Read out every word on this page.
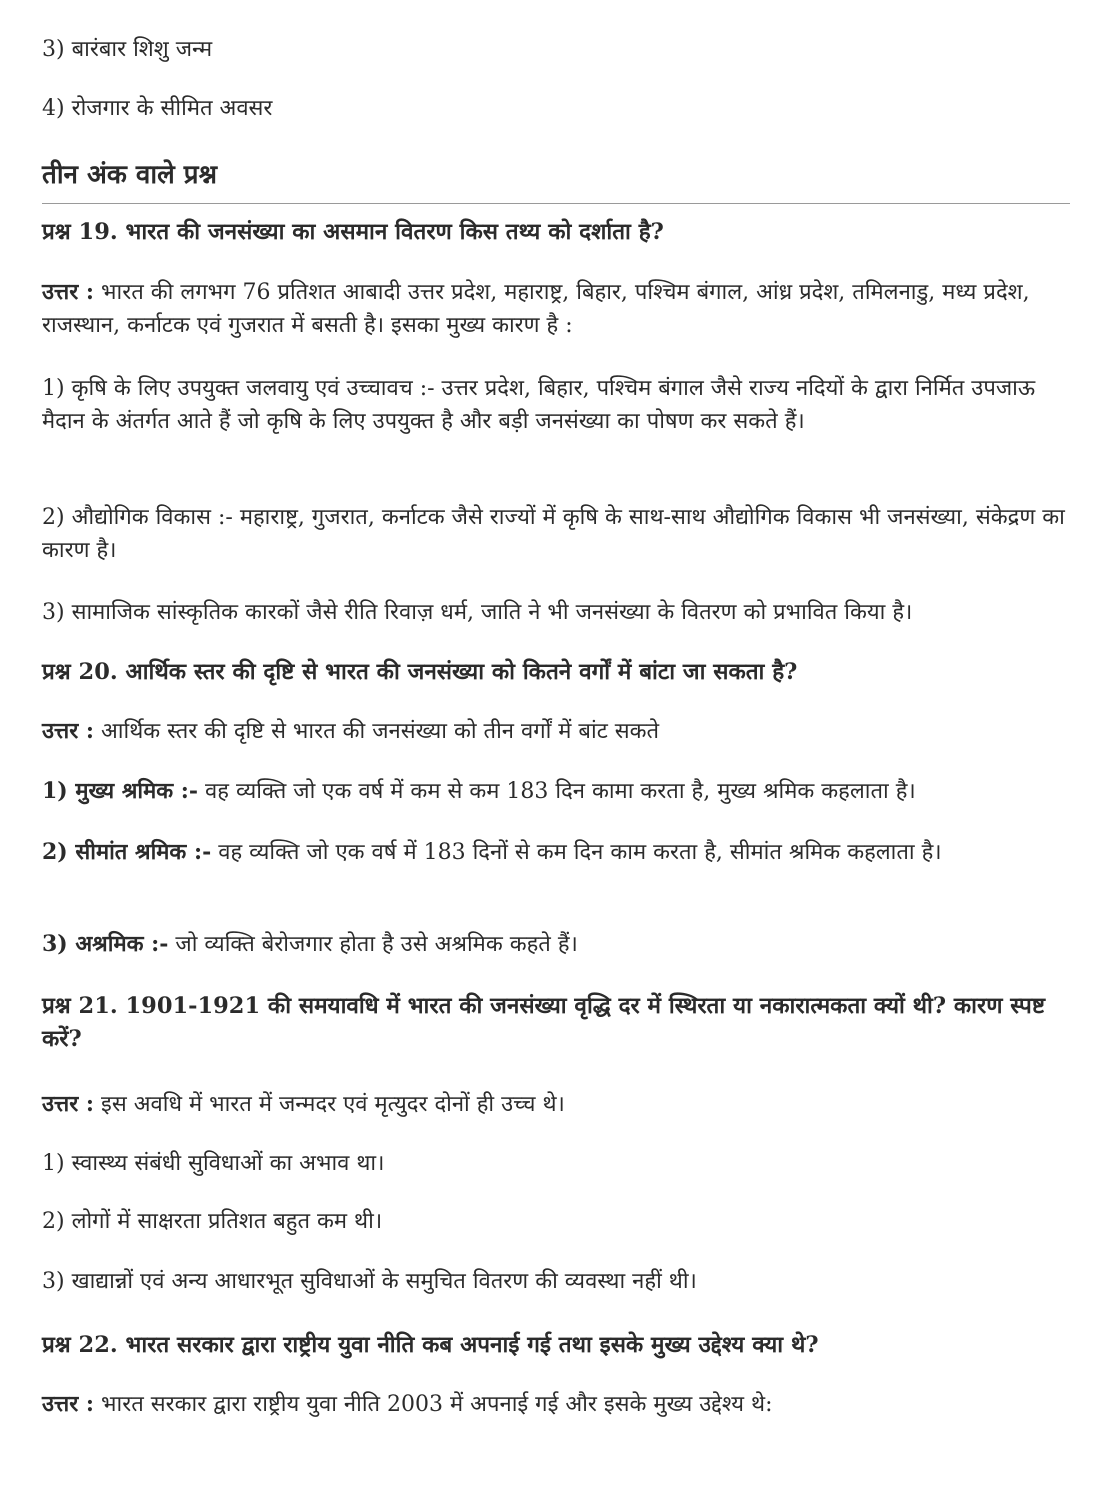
3) बारंबार शिशु जन्म

4) रोजगार के सीमित अवसर

तीन अंक वाले प्रश्न

प्रश्न 19. भारत की जनसंख्या का असमान वितरण किस तथ्य को दर्शाता है?

उत्तर : भारत की लगभग 76 प्रतिशत आबादी उत्तर प्रदेश, महाराष्ट्र, बिहार, पश्चिम बंगाल, आंध्र प्रदेश, तमिलनाडु, मध्य प्रदेश, राजस्थान, कर्नाटक एवं गुजरात में बसती है। इसका मुख्य कारण है :

1) कृषि के लिए उपयुक्त जलवायु एवं उच्चावच :- उत्तर प्रदेश, बिहार, पश्चिम बंगाल जैसे राज्य नदियों के द्वारा निर्मित उपजाऊ मैदान के अंतर्गत आते हैं जो कृषि के लिए उपयुक्त है और बड़ी जनसंख्या का पोषण कर सकते हैं।

2) औद्योगिक विकास :- महाराष्ट्र, गुजरात, कर्नाटक जैसे राज्यों में कृषि के साथ-साथ औद्योगिक विकास भी जनसंख्या, संकेद्रण का कारण है।

3) सामाजिक सांस्कृतिक कारकों जैसे रीति रिवाज़ धर्म, जाति ने भी जनसंख्या के वितरण को प्रभावित किया है।

प्रश्न 20. आर्थिक स्तर की दृष्टि से भारत की जनसंख्या को कितने वर्गों में बांटा जा सकता है?

उत्तर : आर्थिक स्तर की दृष्टि से भारत की जनसंख्या को तीन वर्गों में बांट सकते

1) मुख्य श्रमिक :- वह व्यक्ति जो एक वर्ष में कम से कम 183 दिन कामा करता है, मुख्य श्रमिक कहलाता है।

2) सीमांत श्रमिक :- वह व्यक्ति जो एक वर्ष में 183 दिनों से कम दिन काम करता है, सीमांत श्रमिक कहलाता है।

3) अश्रमिक :- जो व्यक्ति बेरोजगार होता है उसे अश्रमिक कहते हैं।

प्रश्न 21. 1901-1921 की समयावधि में भारत की जनसंख्या वृद्धि दर में स्थिरता या नकारात्मकता क्यों थी? कारण स्पष्ट करें?

उत्तर : इस अवधि में भारत में जन्मदर एवं मृत्युदर दोनों ही उच्च थे।

1) स्वास्थ्य संबंधी सुविधाओं का अभाव था।

2) लोगों में साक्षरता प्रतिशत बहुत कम थी।

3) खाद्यान्नों एवं अन्य आधारभूत सुविधाओं के समुचित वितरण की व्यवस्था नहीं थी।

प्रश्न 22. भारत सरकार द्वारा राष्ट्रीय युवा नीति कब अपनाई गई तथा इसके मुख्य उद्देश्य क्या थे?

उत्तर : भारत सरकार द्वारा राष्ट्रीय युवा नीति 2003 में अपनाई गई और इसके मुख्य उद्देश्य थे:
